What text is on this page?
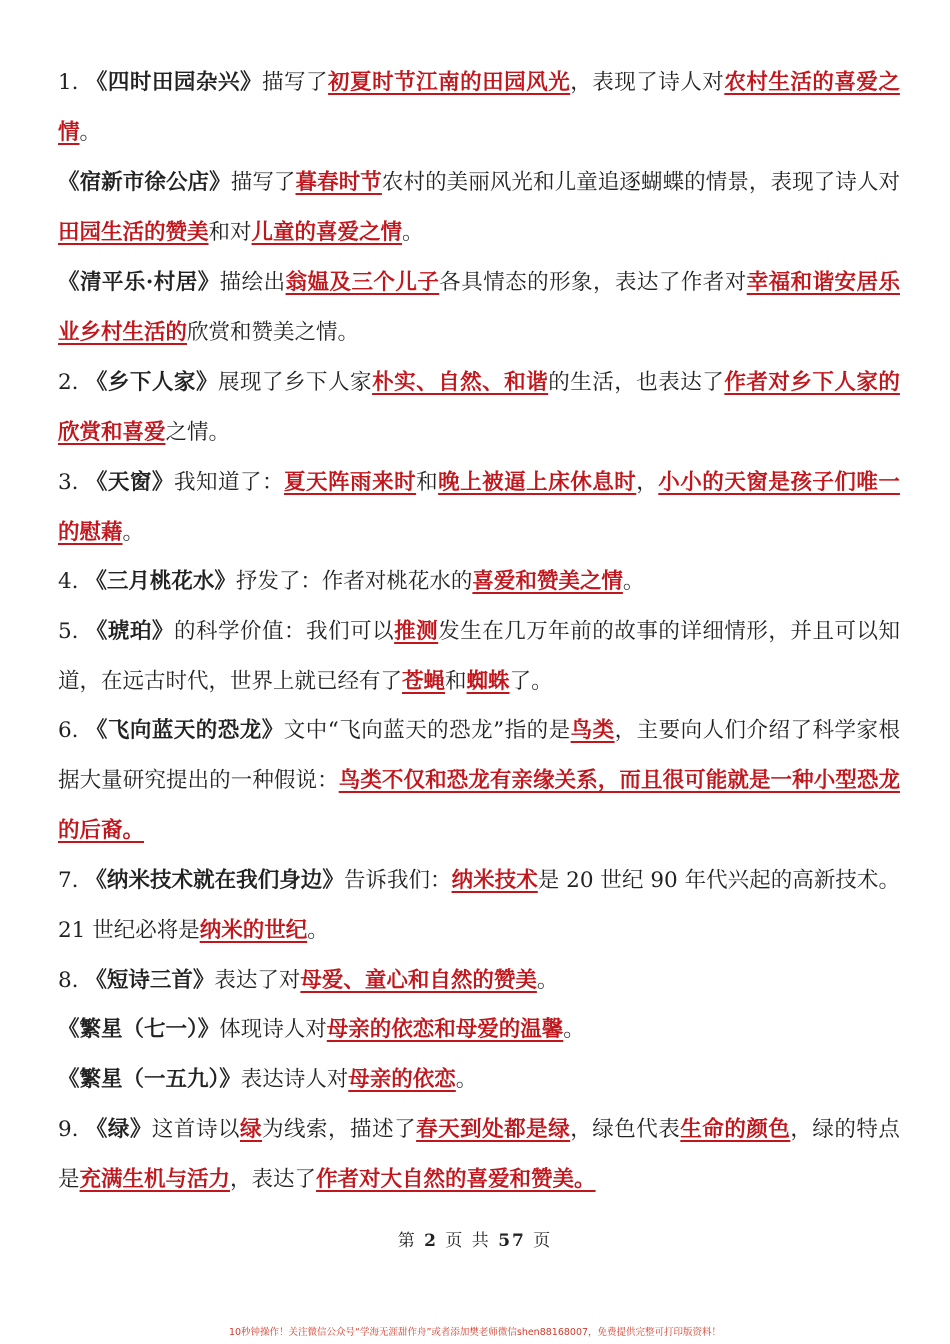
1. 《四时田园杂兴》描写了初夏时节江南的田园风光，表现了诗人对农村生活的喜爱之情。
《宿新市徐公店》描写了暮春时节农村的美丽风光和儿童追逐蝴蝶的情景，表现了诗人对田园生活的赞美和对儿童的喜爱之情。
《清平乐·村居》描绘出翁媪及三个儿子各具情态的形象，表达了作者对幸福和谐安居乐业乡村生活的欣赏和赞美之情。
2. 《乡下人家》展现了乡下人家朴实、自然、和谐的生活，也表达了作者对乡下人家的欣赏和喜爱之情。
3. 《天窗》我知道了：夏天阵雨来时和晚上被逼上床休息时，小小的天窗是孩子们唯一的慰藉。
4. 《三月桃花水》抒发了：作者对桃花水的喜爱和赞美之情。
5. 《琥珀》的科学价值：我们可以推测发生在几万年前的故事的详细情形，并且可以知道，在远古时代，世界上就已经有了苍蝇和蜘蛛了。
6. 《飞向蓝天的恐龙》文中“飞向蓝天的恐龙”指的是鸟类，主要向人们介绍了科学家根据大量研究提出的一种假说：鸟类不仅和恐龙有亲缘关系，而且很可能就是一种小型恐龙的后裔。
7. 《纳米技术就在我们身边》告诉我们：纳米技术是 20 世纪 90 年代兴起的高新技术。21 世纪必将是纳米的世纪。
8. 《短诗三首》表达了对母爱、童心和自然的赞美。
《繁星（七一）》体现诗人对母亲的依恋和母爱的温馨。
《繁星（一五九）》表达诗人对母亲的依恋。
9. 《绿》这首诗以绿为线索，描述了春天到处都是绿，绿色代表生命的颜色，绿的特点是充满生机与活力，表达了作者对大自然的喜爱和赞美。
第 2 页 共 57 页
10秒钟操作！关注微信公众号“学海无涯甜作舟”或者添加樊老师微信shen88168007，免费提供完整可打印版资料！
